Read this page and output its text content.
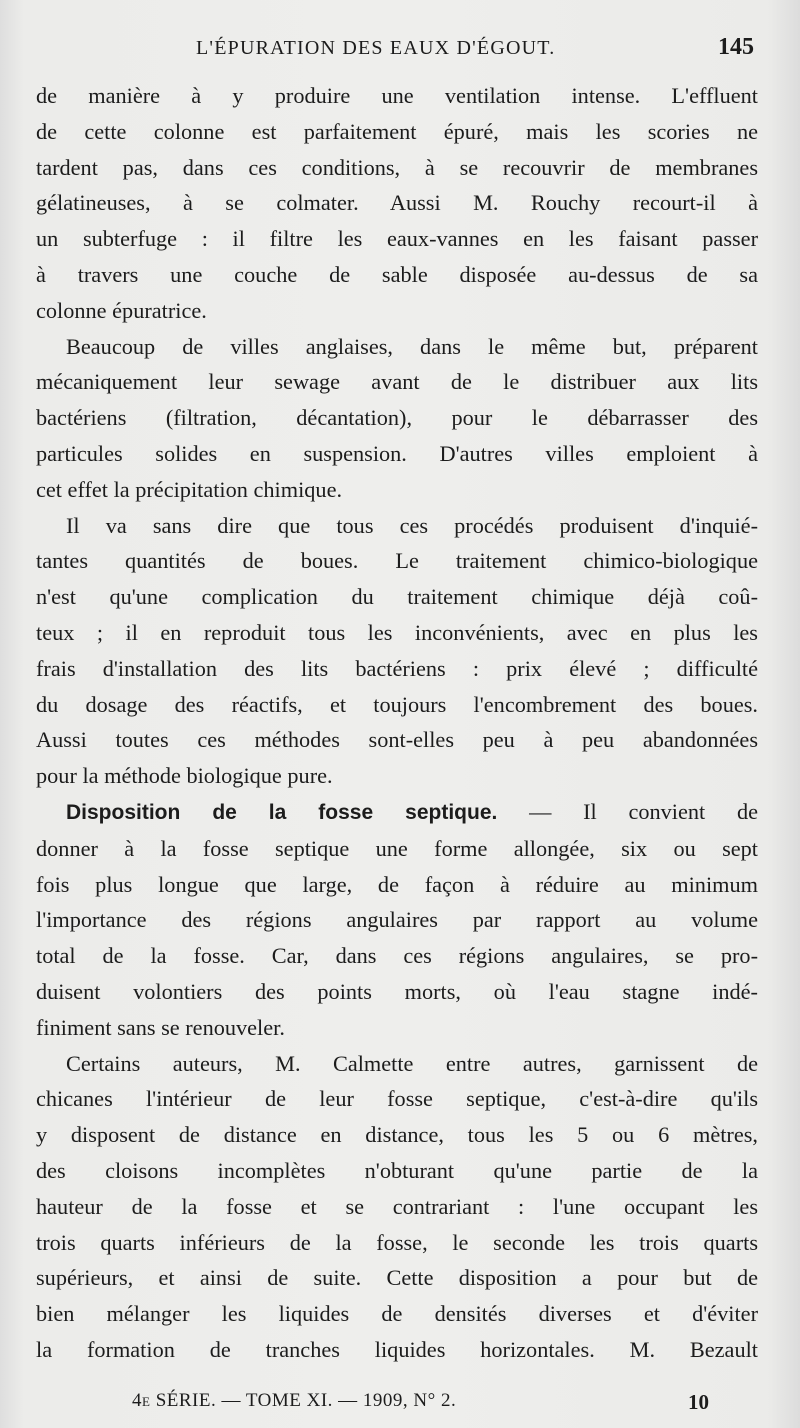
L'ÉPURATION DES EAUX D'ÉGOUT.	145

de manière à y produire une ventilation intense. L'effluent
de cette colonne est parfaitement épuré, mais les scories ne
tardent pas, dans ces conditions, à se recouvrir de membranes
gélatineuses, à se colmater. Aussi M. Rouchy recourt-il à
un subterfuge : il filtre les eaux-vannes en les faisant passer
à travers une couche de sable disposée au-dessus de sa
colonne épuratrice.

Beaucoup de villes anglaises, dans le même but, préparent
mécaniquement leur sewage avant de le distribuer aux lits
bactériens (filtration, décantation), pour le débarrasser des
particules solides en suspension. D'autres villes emploient à
cet effet la précipitation chimique.

Il va sans dire que tous ces procédés produisent d'inquié-
tantes quantités de boues. Le traitement chimico-biologique
n'est qu'une complication du traitement chimique déjà coû-
teux ; il en reproduit tous les inconvénients, avec en plus les
frais d'installation des lits bactériens : prix élevé ; difficulté
du dosage des réactifs, et toujours l'encombrement des boues.
Aussi toutes ces méthodes sont-elles peu à peu abandonnées
pour la méthode biologique pure.

Disposition de la fosse septique. — Il convient de
donner à la fosse septique une forme allongée, six ou sept
fois plus longue que large, de façon à réduire au minimum
l'importance des régions angulaires par rapport au volume
total de la fosse. Car, dans ces régions angulaires, se pro-
duisent volontiers des points morts, où l'eau stagne indé-
finiment sans se renouveler.

Certains auteurs, M. Calmette entre autres, garnissent de
chicanes l'intérieur de leur fosse septique, c'est-à-dire qu'ils
y disposent de distance en distance, tous les 5 ou 6 mètres,
des cloisons incomplètes n'obturant qu'une partie de la
hauteur de la fosse et se contrariant : l'une occupant les
trois quarts inférieurs de la fosse, le seconde les trois quarts
supérieurs, et ainsi de suite. Cette disposition a pour but de
bien mélanger les liquides de densités diverses et d'éviter
la formation de tranches liquides horizontales. M. Bezault

4e SÉRIE. — TOME XI. — 1909, N° 2.	10
